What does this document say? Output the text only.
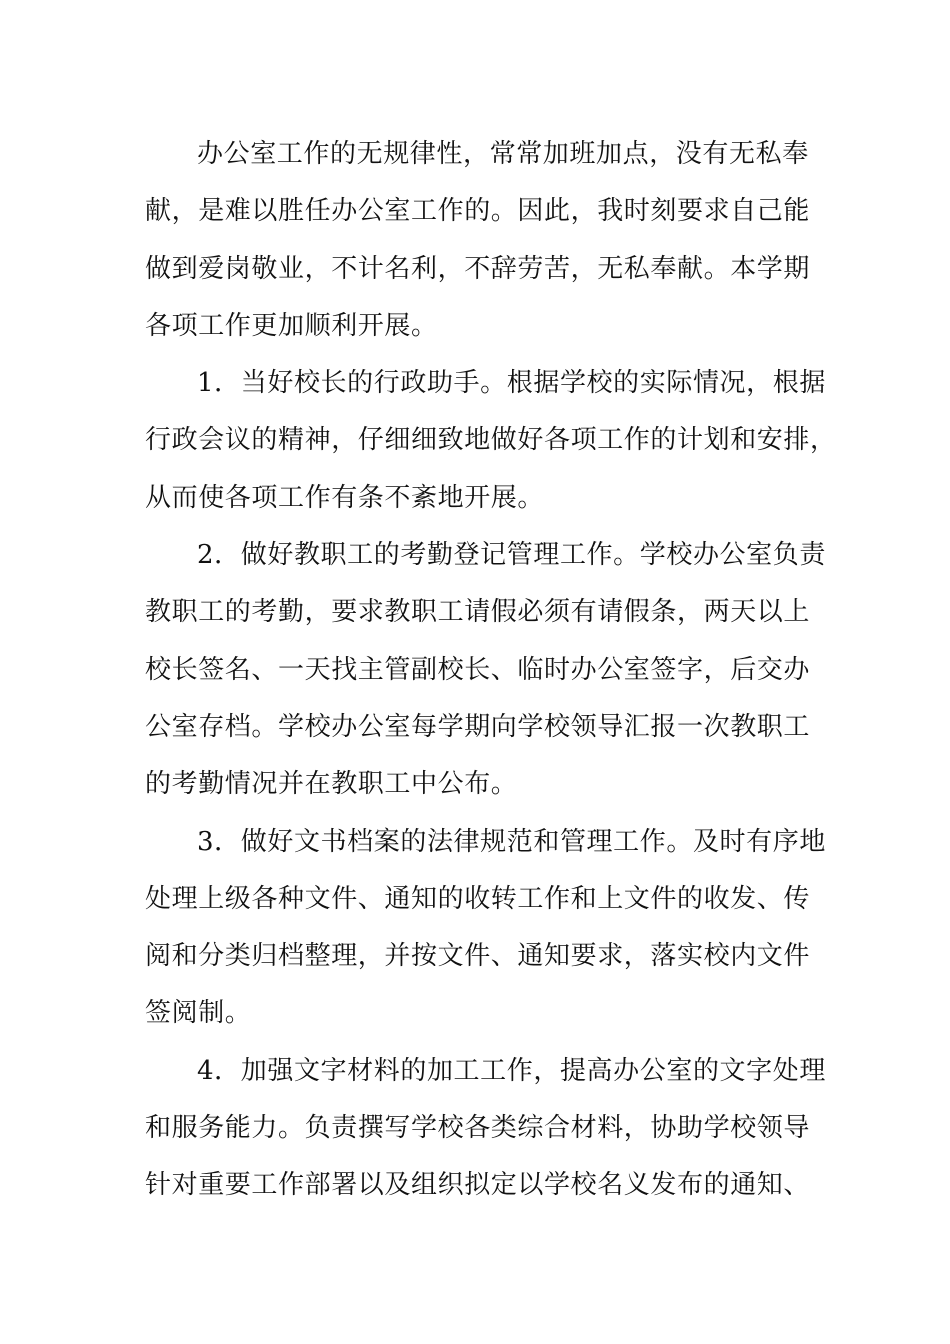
办公室工作的无规律性，常常加班加点，没有无私奉
献，是难以胜任办公室工作的。因此，我时刻要求自己能
做到爱岗敬业，不计名利，不辞劳苦，无私奉献。本学期
各项工作更加顺利开展。
1．当好校长的行政助手。根据学校的实际情况，根据
行政会议的精神，仔细细致地做好各项工作的计划和安排，
从而使各项工作有条不紊地开展。
2．做好教职工的考勤登记管理工作。学校办公室负责
教职工的考勤，要求教职工请假必须有请假条，两天以上
校长签名、一天找主管副校长、临时办公室签字，后交办
公室存档。学校办公室每学期向学校领导汇报一次教职工
的考勤情况并在教职工中公布。
3．做好文书档案的法律规范和管理工作。及时有序地
处理上级各种文件、通知的收转工作和上文件的收发、传
阅和分类归档整理，并按文件、通知要求，落实校内文件
签阅制。
4．加强文字材料的加工工作，提高办公室的文字处理
和服务能力。负责撰写学校各类综合材料，协助学校领导
针对重要工作部署以及组织拟定以学校名义发布的通知、
